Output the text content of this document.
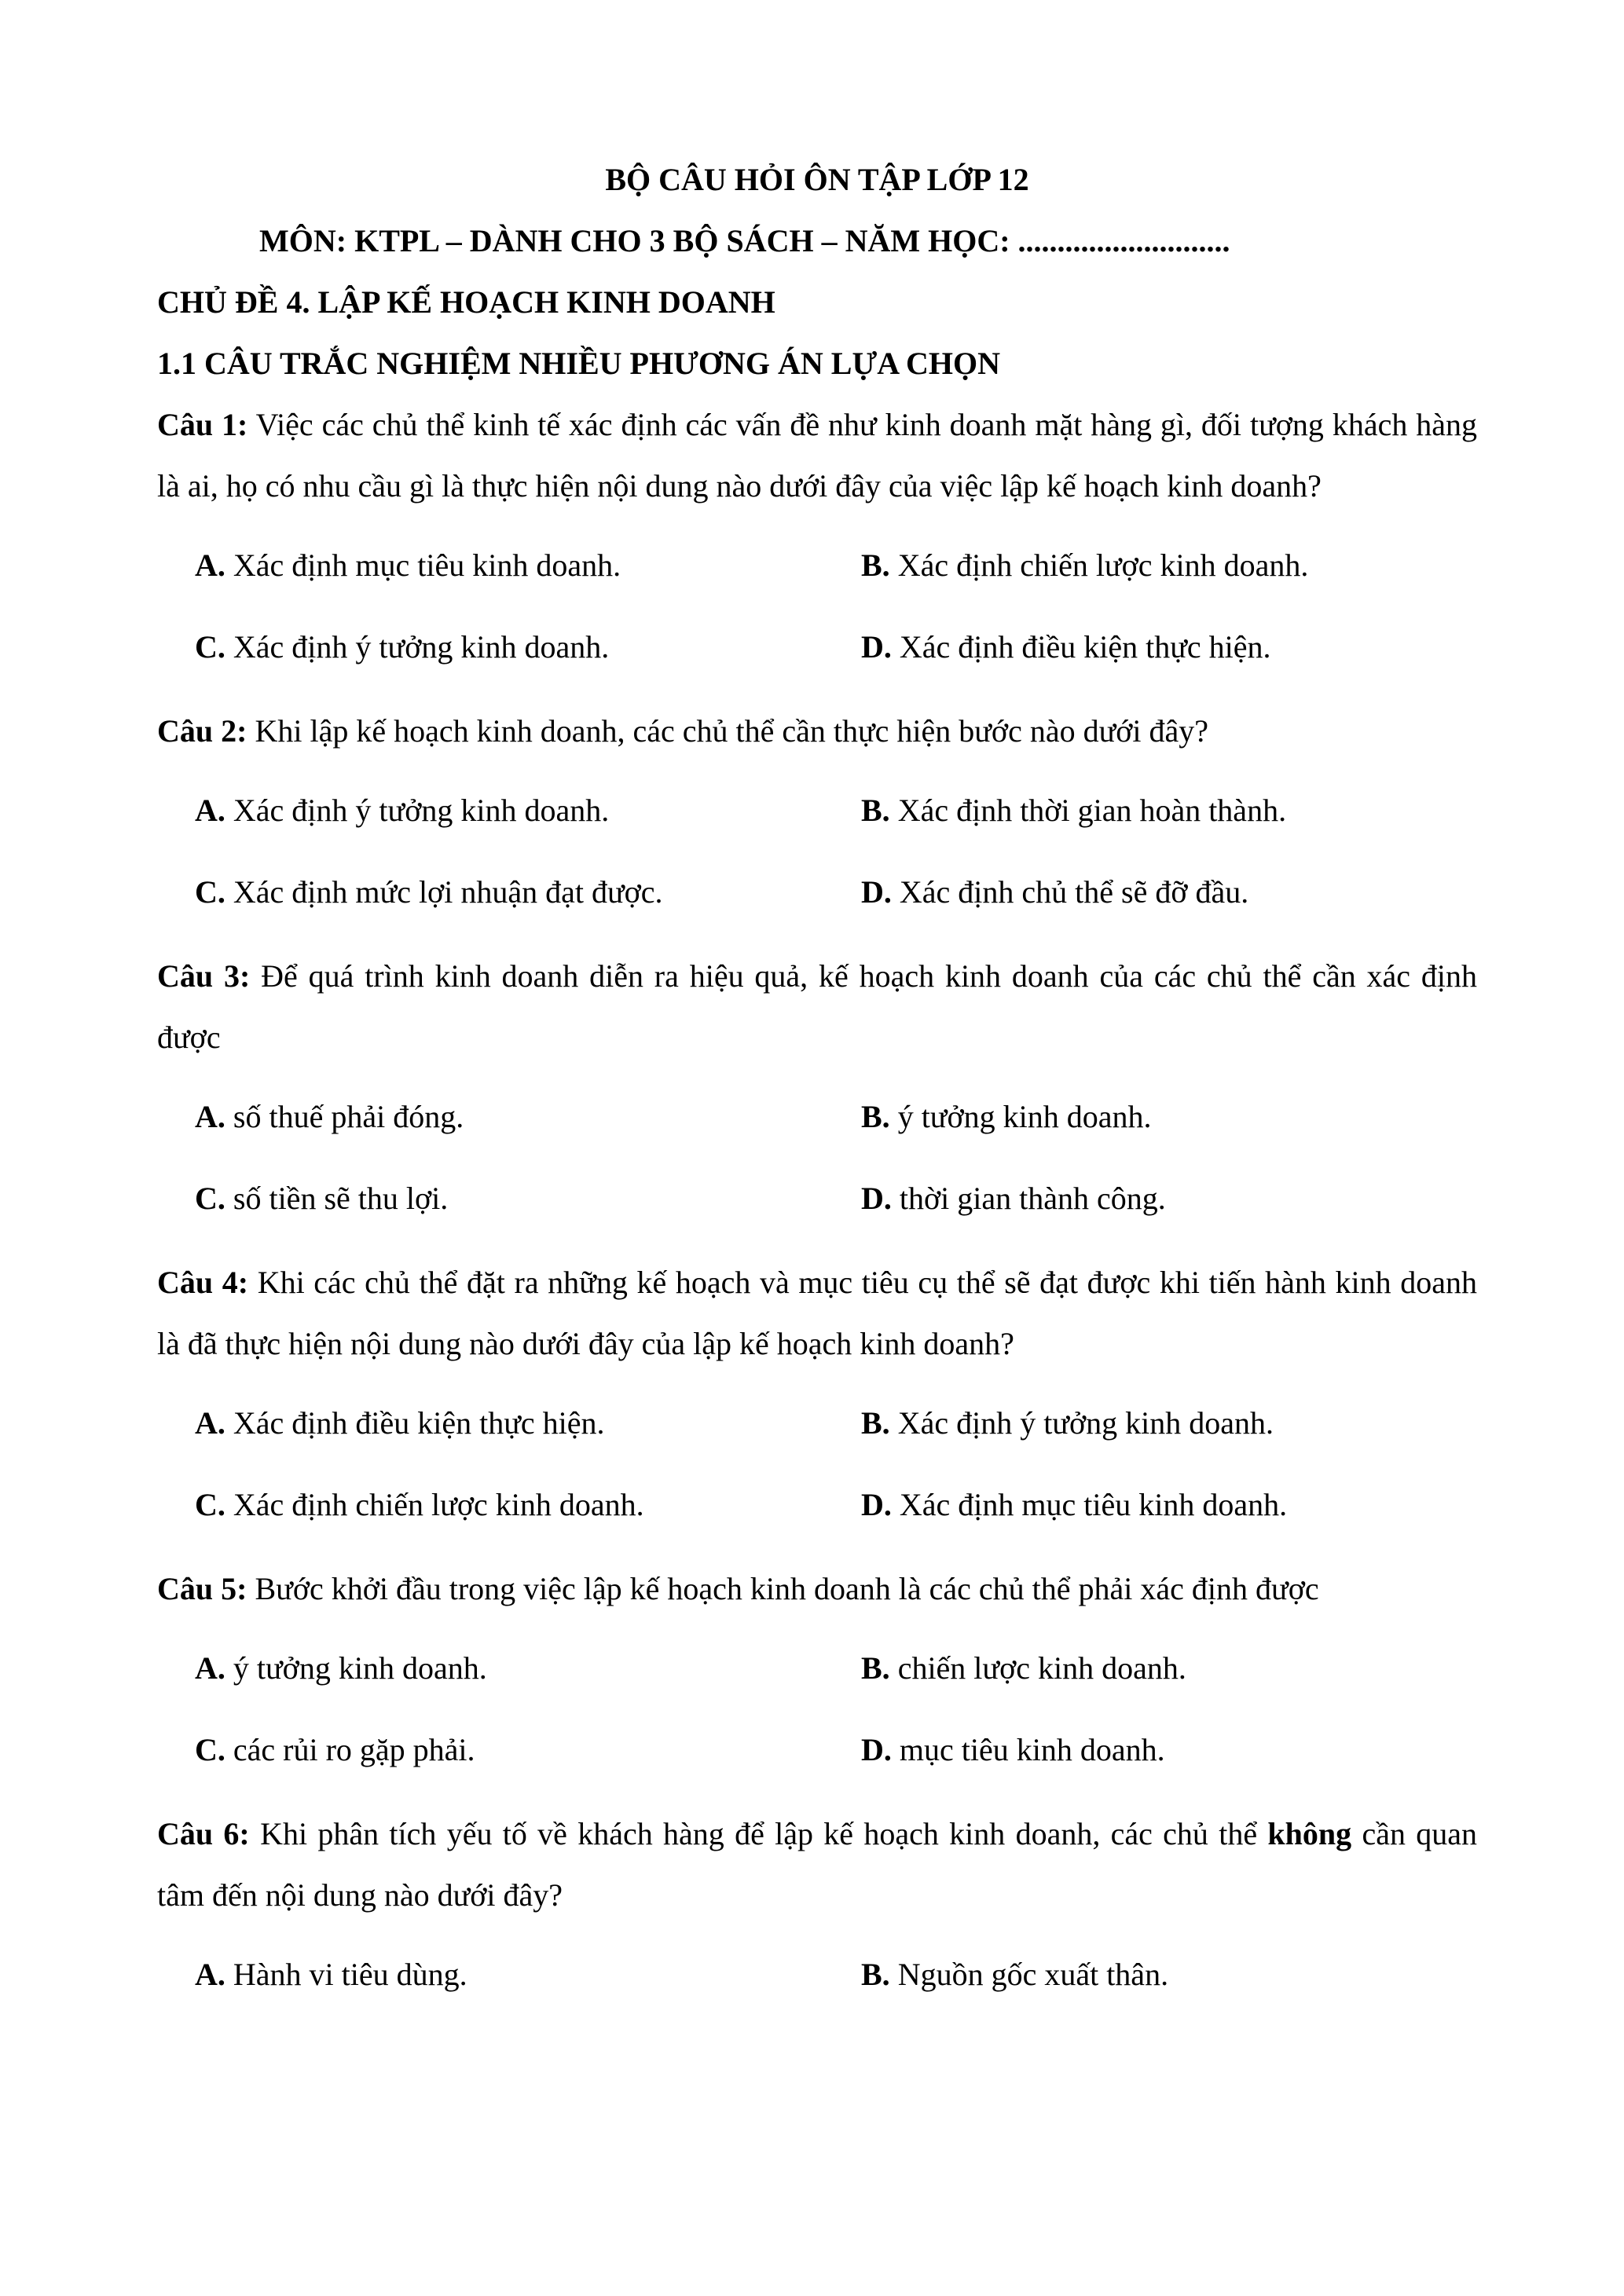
BỘ CÂU HỎI ÔN TẬP LỚP 12

MÔN: KTPL – DÀNH CHO 3 BỘ SÁCH – NĂM HỌC: ...........................

CHỦ ĐỀ 4. LẬP KẾ HOẠCH KINH DOANH

1.1 CÂU TRẮC NGHIỆM NHIỀU PHƯƠNG ÁN LỰA CHỌN

Câu 1: Việc các chủ thể kinh tế xác định các vấn đề như kinh doanh mặt hàng gì, đối tượng khách hàng là ai, họ có nhu cầu gì là thực hiện nội dung nào dưới đây của việc lập kế hoạch kinh doanh?

A. Xác định mục tiêu kinh doanh.	B. Xác định chiến lược kinh doanh.
C. Xác định ý tưởng kinh doanh.	D. Xác định điều kiện thực hiện.

Câu 2: Khi lập kế hoạch kinh doanh, các chủ thể cần thực hiện bước nào dưới đây?

A. Xác định ý tưởng kinh doanh.	B. Xác định thời gian hoàn thành.
C. Xác định mức lợi nhuận đạt được.	D. Xác định chủ thể sẽ đỡ đầu.

Câu 3: Để quá trình kinh doanh diễn ra hiệu quả, kế hoạch kinh doanh của các chủ thể cần xác định được

A. số thuế phải đóng.	B. ý tưởng kinh doanh.
C. số tiền sẽ thu lợi.	D. thời gian thành công.

Câu 4: Khi các chủ thể đặt ra những kế hoạch và mục tiêu cụ thể sẽ đạt được khi tiến hành kinh doanh là đã thực hiện nội dung nào dưới đây của lập kế hoạch kinh doanh?

A. Xác định điều kiện thực hiện.	B. Xác định ý tưởng kinh doanh.
C. Xác định chiến lược kinh doanh.	D. Xác định mục tiêu kinh doanh.

Câu 5: Bước khởi đầu trong việc lập kế hoạch kinh doanh là các chủ thể phải xác định được

A. ý tưởng kinh doanh.	B. chiến lược kinh doanh.
C. các rủi ro gặp phải.	D. mục tiêu kinh doanh.

Câu 6: Khi phân tích yếu tố về khách hàng để lập kế hoạch kinh doanh, các chủ thể không cần quan tâm đến nội dung nào dưới đây?

A. Hành vi tiêu dùng.	B. Nguồn gốc xuất thân.
